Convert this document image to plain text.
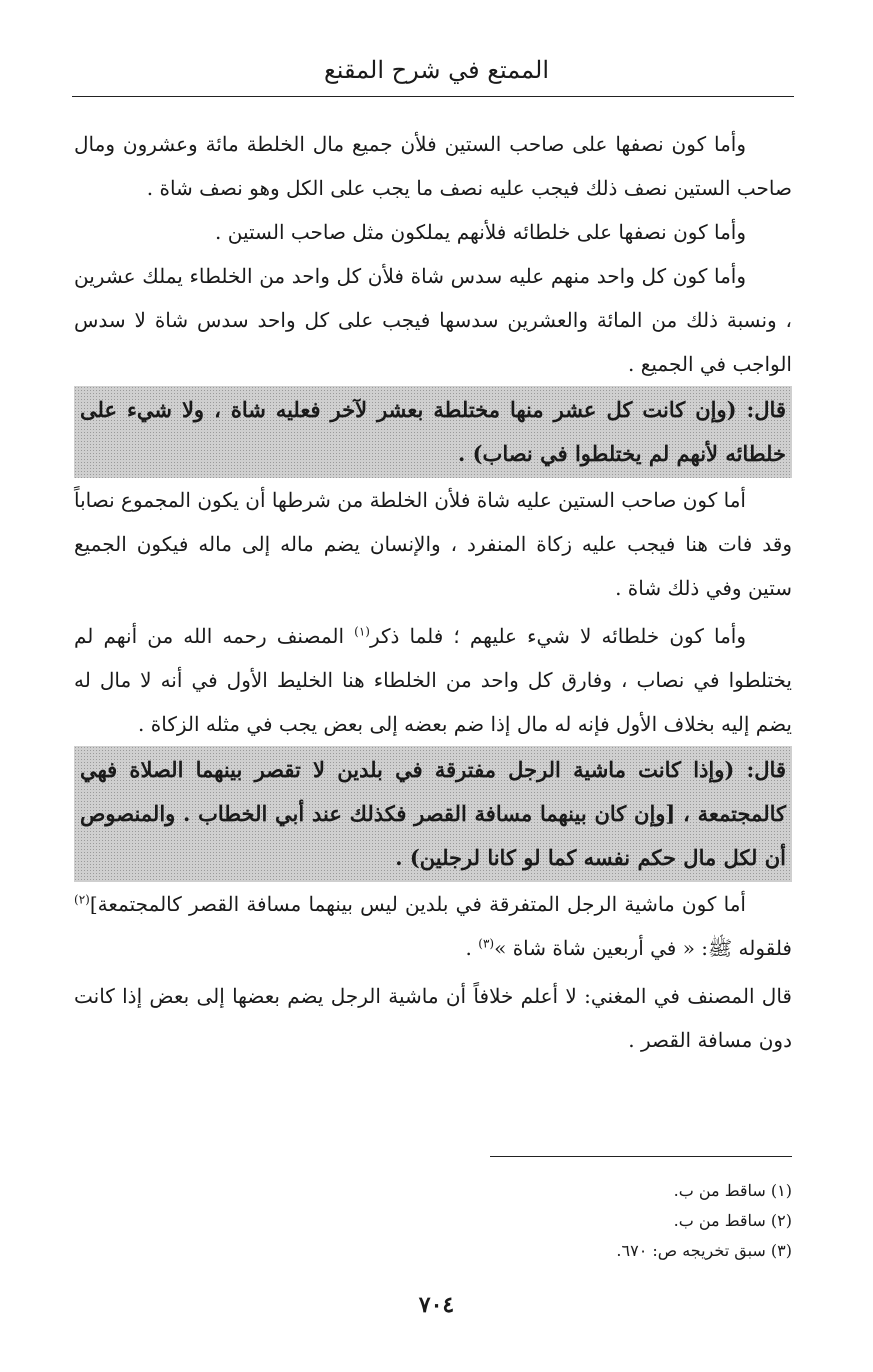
الممتع في شرح المقنع

وأما كون نصفها على صاحب الستين فلأن جميع مال الخلطة مائة وعشرون ومال صاحب الستين نصف ذلك فيجب عليه نصف ما يجب على الكل وهو نصف شاة .

وأما كون نصفها على خلطائه فلأنهم يملكون مثل صاحب الستين .

وأما كون كل واحد منهم عليه سدس شاة فلأن كل واحد من الخلطاء يملك عشرين ، ونسبة ذلك من المائة والعشرين سدسها فيجب على كل واحد سدس شاة لا سدس الواجب في الجميع .

قال: (وإن كانت كل عشر منها مختلطة بعشر لآخر فعليه شاة ، ولا شيء على خلطائه لأنهم لم يختلطوا في نصاب) .

أما كون صاحب الستين عليه شاة فلأن الخلطة من شرطها أن يكون المجموع نصاباً وقد فات هنا فيجب عليه زكاة المنفرد ، والإنسان يضم ماله إلى ماله فيكون الجميع ستين وفي ذلك شاة .

وأما كون خلطائه لا شيء عليهم ؛ فلما ذكر$^{(١)}$ المصنف رحمه الله من أنهم لم يختلطوا في نصاب ، وفارق كل واحد من الخلطاء هنا الخليط الأول في أنه لا مال له يضم إليه بخلاف الأول فإنه له مال إذا ضم بعضه إلى بعض يجب في مثله الزكاة .

قال: (وإذا كانت ماشية الرجل مفترقة في بلدين لا تقصر بينهما الصلاة فهي كالمجتمعة ، [وإن كان بينهما مسافة القصر فكذلك عند أبي الخطاب . والمنصوص أن لكل مال حكم نفسه كما لو كانا لرجلين) .

أما كون ماشية الرجل المتفرقة في بلدين ليس بينهما مسافة القصر كالمجتمعة]$^{(٢)}$ فلقوله ﷺ: « في أربعين شاة شاة »$^{(٣)}$ .

قال المصنف في المغني: لا أعلم خلافاً أن ماشية الرجل يضم بعضها إلى بعض إذا كانت دون مسافة القصر .

(١) ساقط من ب.

(٢) ساقط من ب.

(٣) سبق تخريجه ص: ٦٧٠.

٧٠٤
